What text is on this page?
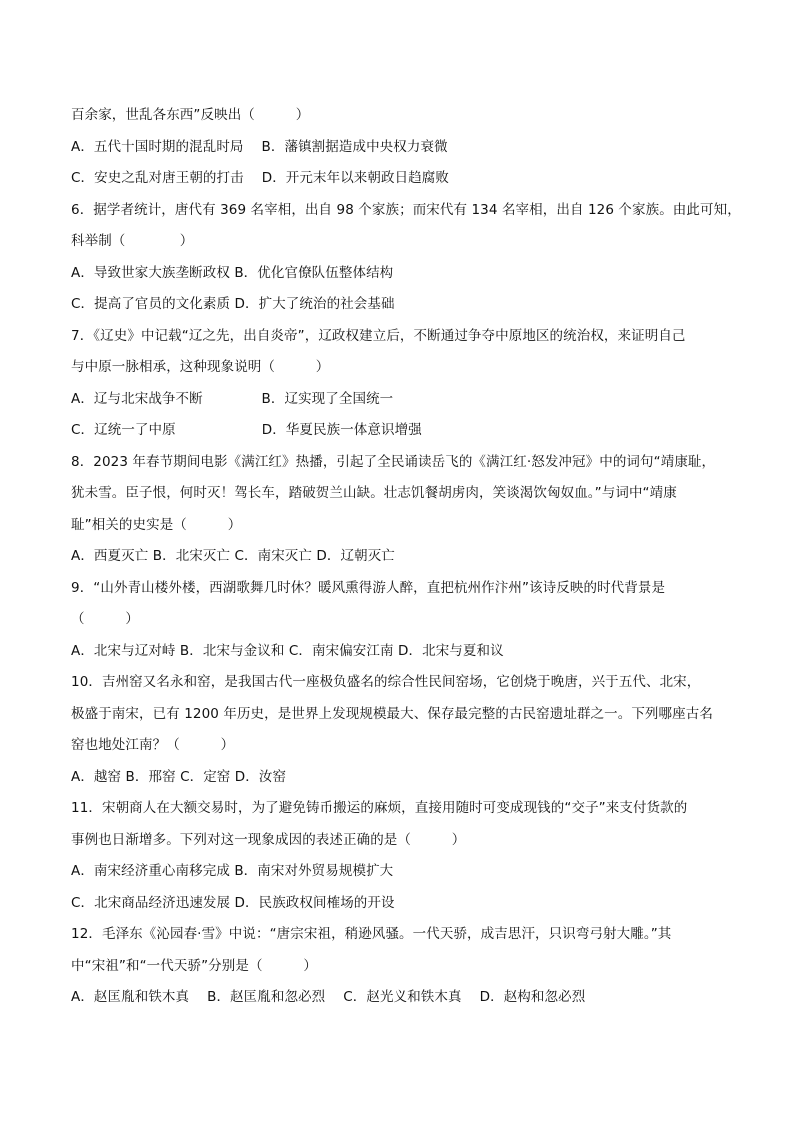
百余家，世乱各东西”反映出（　　　）
A．五代十国时期的混乱时局　 B．藩镇割据造成中央权力衰微
C．安史之乱对唐王朝的打击　 D．开元末年以来朝政日趋腐败
6．据学者统计，唐代有 369 名宰相，出自 98 个家族；而宋代有 134 名宰相，出自 126 个家族。由此可知，
科举制（　　　　）
A．导致世家大族垄断政权 B．优化官僚队伍整体结构
C．提高了官员的文化素质 D．扩大了统治的社会基础
7．《辽史》中记载“辽之先，出自炎帝”，辽政权建立后，不断通过争夺中原地区的统治权，来证明自己
与中原一脉相承，这种现象说明（　　　）
A．辽与北宋战争不断　　　　 B．辽实现了全国统一
C．辽统一了中原　　　　　　 D．华夏民族一体意识增强
8．2023 年春节期间电影《满江红》热播，引起了全民诵读岳飞的《满江红·怒发冲冠》中的词句“靖康耻，
犹未雪。臣子恨，何时灭！驾长车，踏破贺兰山缺。壮志饥餐胡虏肉，笑谈渴饮匈奴血。”与词中“靖康
耻”相关的史实是（　　　）
A．西夏灭亡 B．北宋灭亡 C．南宋灭亡 D．辽朝灭亡
9．“山外青山楼外楼，西湖歌舞几时休？暖风熏得游人醉，直把杭州作汴州”该诗反映的时代背景是
（　　　）
A．北宋与辽对峙 B．北宋与金议和 C．南宋偏安江南 D．北宋与夏和议
10．吉州窑又名永和窑，是我国古代一座极负盛名的综合性民间窑场，它创烧于晚唐，兴于五代、北宋，
极盛于南宋，已有 1200 年历史，是世界上发现规模最大、保存最完整的古民窑遗址群之一。下列哪座古名
窑也地处江南？（　　　）
A．越窑 B．邢窑 C．定窑 D．汝窑
11．宋朝商人在大额交易时，为了避免铸币搬运的麻烦，直接用随时可变成现钱的“交子”来支付货款的
事例也日渐增多。下列对这一现象成因的表述正确的是（　　　）
A．南宋经济重心南移完成 B．南宋对外贸易规模扩大
C．北宋商品经济迅速发展 D．民族政权间榷场的开设
12．毛泽东《沁园春·雪》中说：“唐宗宋祖，稍逊风骚。一代天骄，成吉思汗，只识弯弓射大雕。”其
中“宋祖”和“一代天骄”分别是（　　　）
A．赵匡胤和铁木真　 B．赵匡胤和忽必烈　 C．赵光义和铁木真　 D．赵构和忽必烈
